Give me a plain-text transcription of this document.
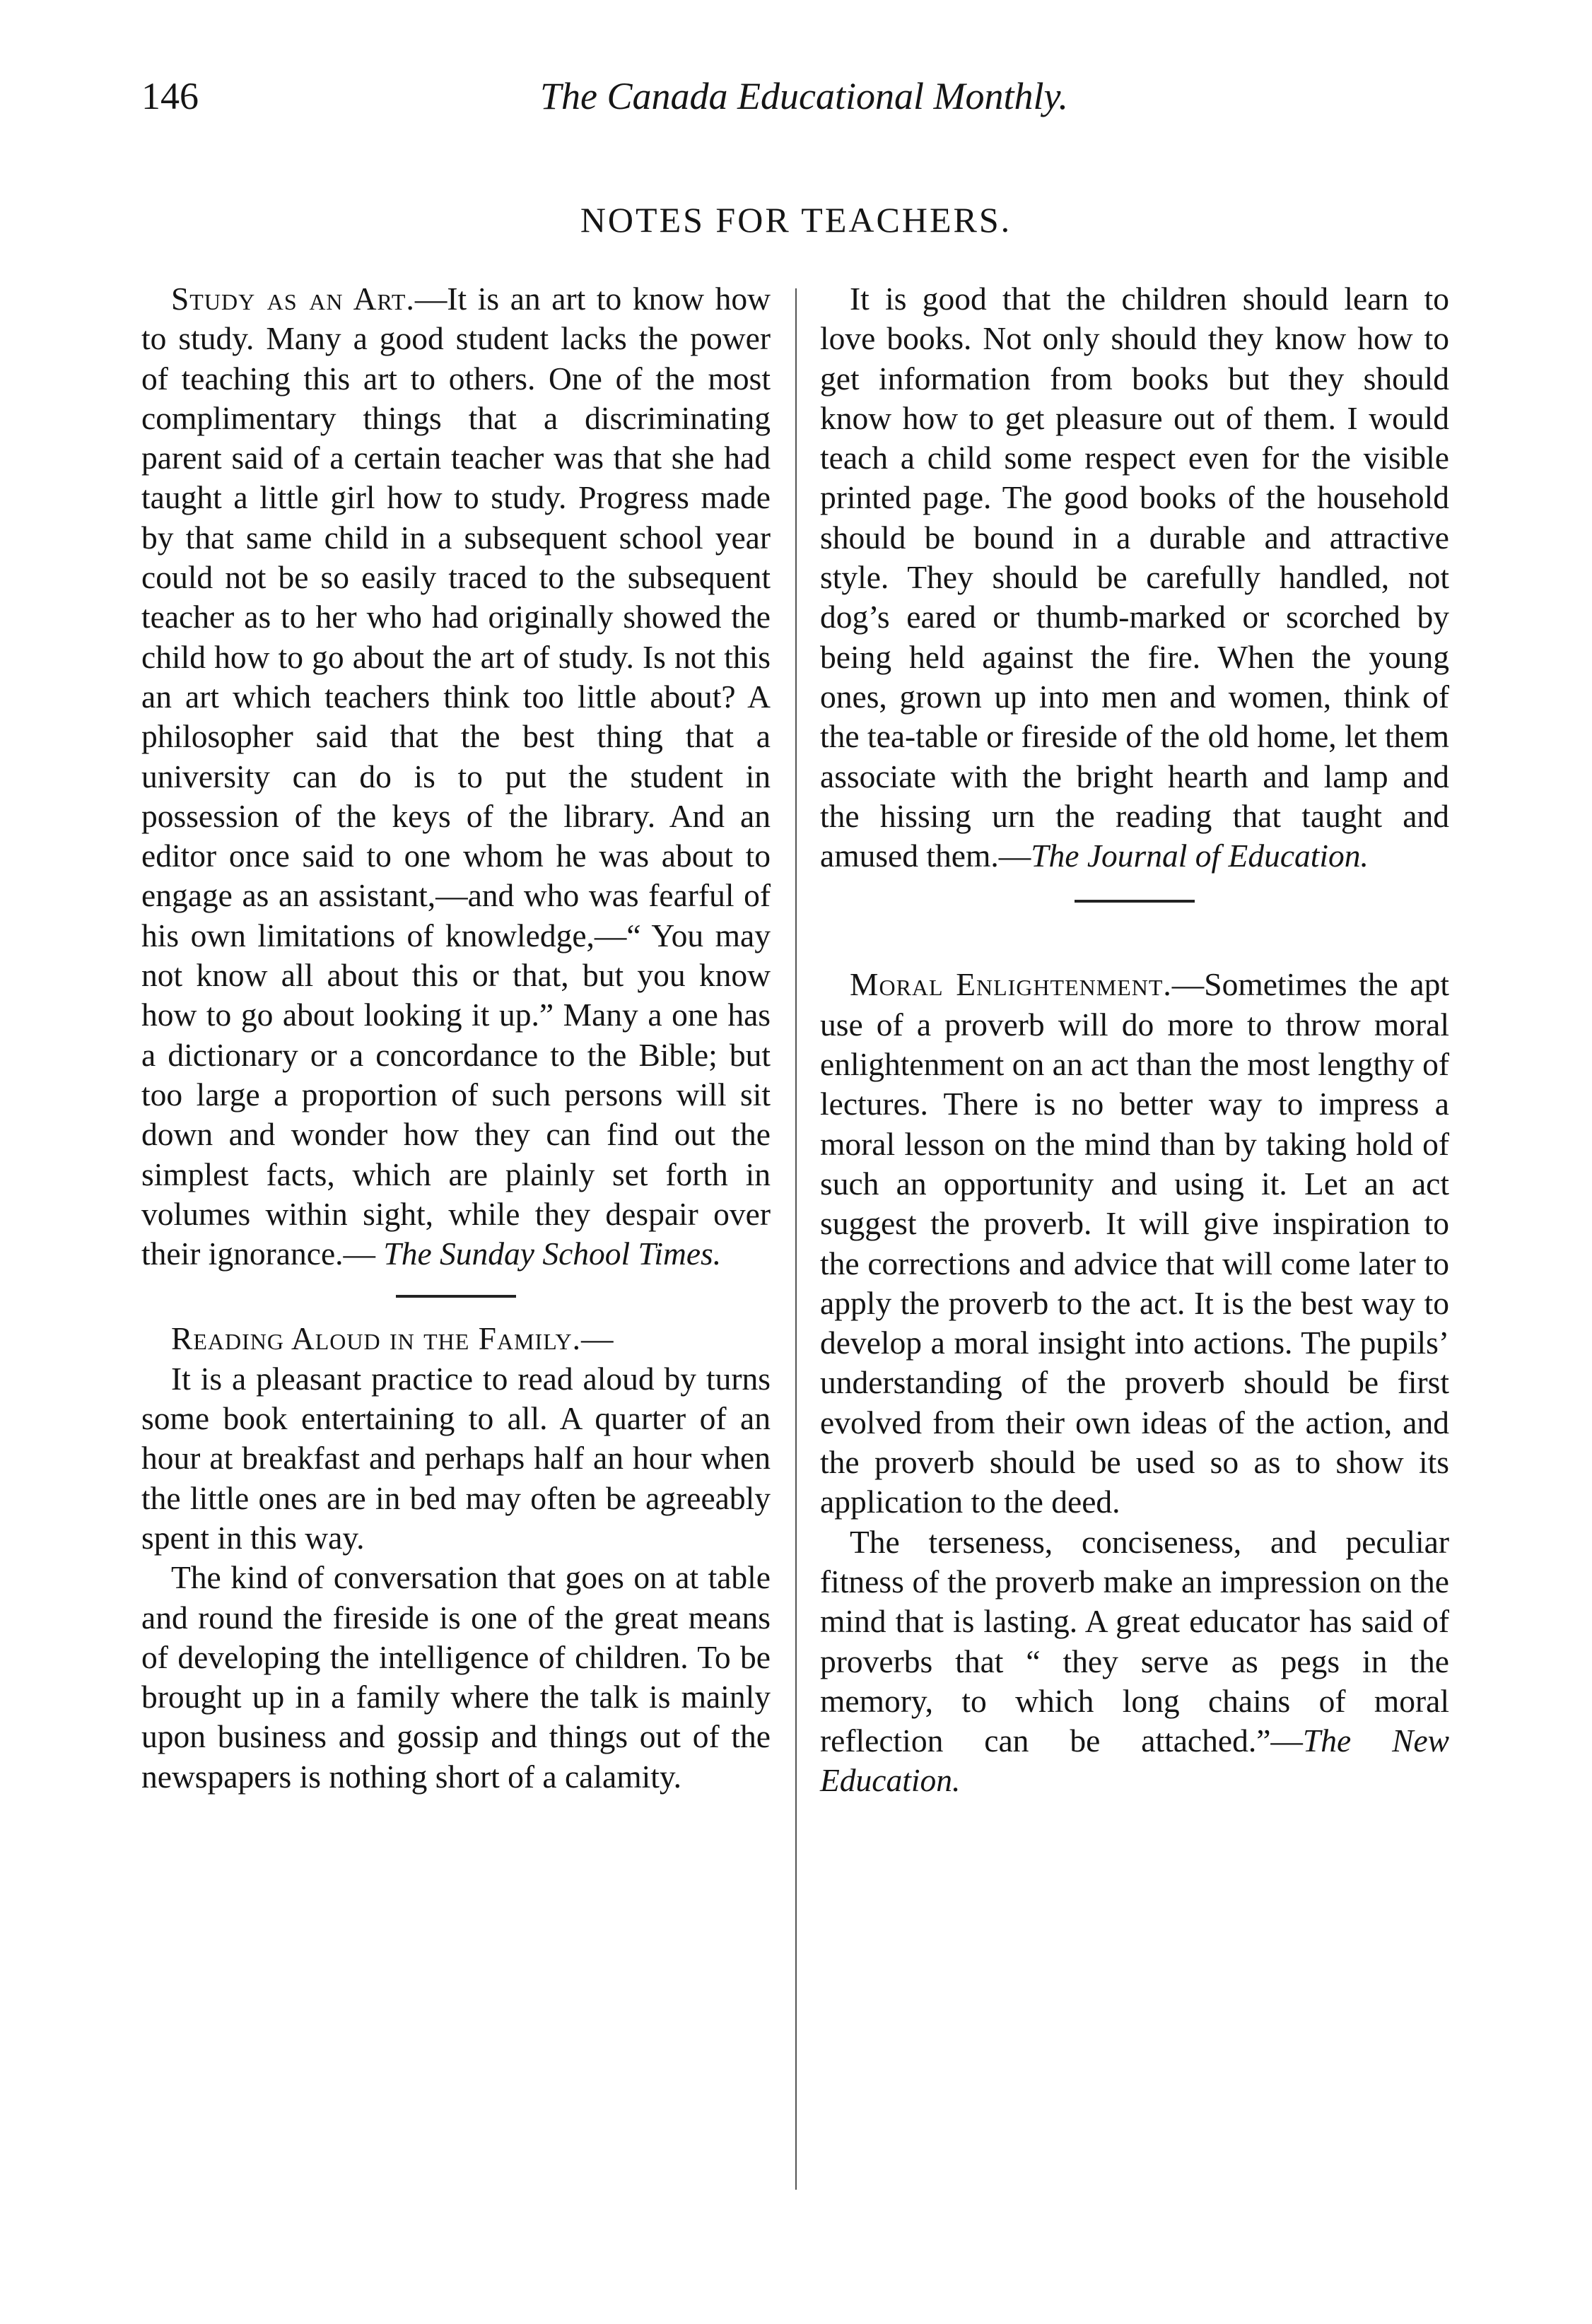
146	The Canada Educational Monthly.
NOTES FOR TEACHERS.

Study as an Art.—It is an art to know how to study. Many a good student lacks the power of teaching this art to others. One of the most complimentary things that a discriminating parent said of a certain teacher was that she had taught a little girl how to study. Progress made by that same child in a subsequent school year could not be so easily traced to the subsequent teacher as to her who had originally showed the child how to go about the art of study. Is not this an art which teachers think too little about? A philosopher said that the best thing that a university can do is to put the student in possession of the keys of the library. And an editor once said to one whom he was about to engage as an assistant,—and who was fearful of his own limitations of knowledge,—“ You may not know all about this or that, but you know how to go about looking it up.” Many a one has a dictionary or a concordance to the Bible; but too large a proportion of such persons will sit down and wonder how they can find out the simplest facts, which are plainly set forth in volumes within sight, while they despair over their ignorance.— The Sunday School Times.

Reading Aloud in the Family.—

It is a pleasant practice to read aloud by turns some book entertaining to all. A quarter of an hour at breakfast and perhaps half an hour when the little ones are in bed may often be agreeably spent in this way.

The kind of conversation that goes on at table and round the fireside is one of the great means of developing the intelligence of children. To be brought up in a family where the talk is mainly upon business and gossip and things out of the newspapers is nothing short of a calamity.

It is good that the children should learn to love books. Not only should they know how to get information from books but they should know how to get pleasure out of them. I would teach a child some respect even for the visible printed page. The good books of the household should be bound in a durable and attractive style. They should be carefully handled, not dog’s eared or thumb-marked or scorched by being held against the fire. When the young ones, grown up into men and women, think of the tea-table or fireside of the old home, let them associate with the bright hearth and lamp and the hissing urn the reading that taught and amused them.—The Journal of Education.

Moral Enlightenment.—Sometimes the apt use of a proverb will do more to throw moral enlightenment on an act than the most lengthy of lectures. There is no better way to impress a moral lesson on the mind than by taking hold of such an opportunity and using it. Let an act suggest the proverb. It will give inspiration to the corrections and advice that will come later to apply the proverb to the act. It is the best way to develop a moral insight into actions. The pupils’ understanding of the proverb should be first evolved from their own ideas of the action, and the proverb should be used so as to show its application to the deed.

The terseness, conciseness, and peculiar fitness of the proverb make an impression on the mind that is lasting. A great educator has said of proverbs that “ they serve as pegs in the memory, to which long chains of moral reflection can be attached.”—The New Education.
